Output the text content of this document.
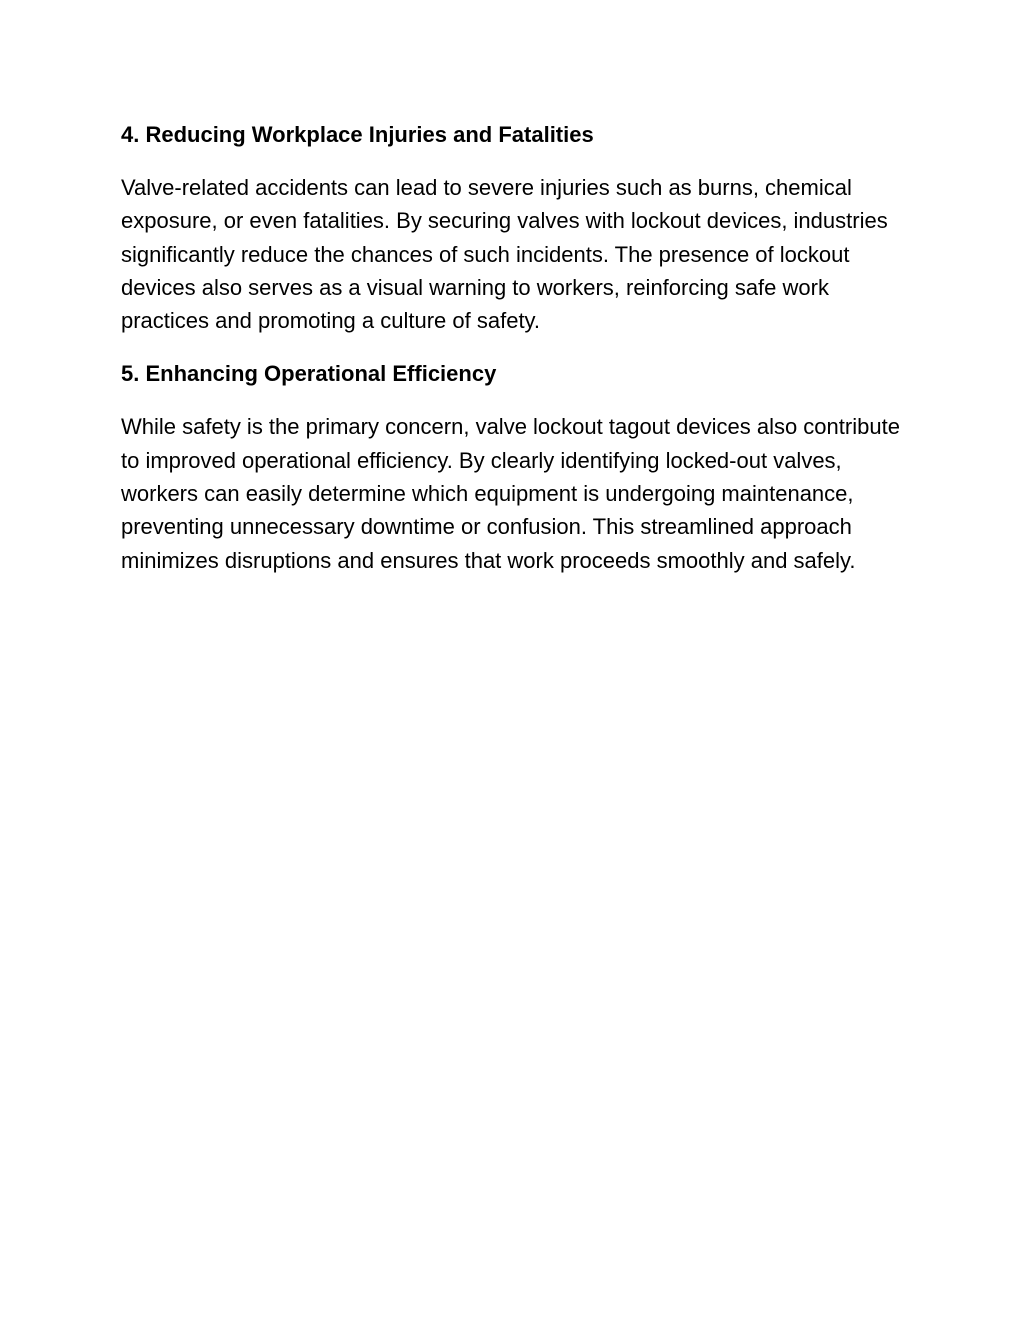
4. Reducing Workplace Injuries and Fatalities

Valve-related accidents can lead to severe injuries such as burns, chemical exposure, or even fatalities. By securing valves with lockout devices, industries significantly reduce the chances of such incidents. The presence of lockout devices also serves as a visual warning to workers, reinforcing safe work practices and promoting a culture of safety.

5. Enhancing Operational Efficiency

While safety is the primary concern, valve lockout tagout devices also contribute to improved operational efficiency. By clearly identifying locked-out valves, workers can easily determine which equipment is undergoing maintenance, preventing unnecessary downtime or confusion. This streamlined approach minimizes disruptions and ensures that work proceeds smoothly and safely.
